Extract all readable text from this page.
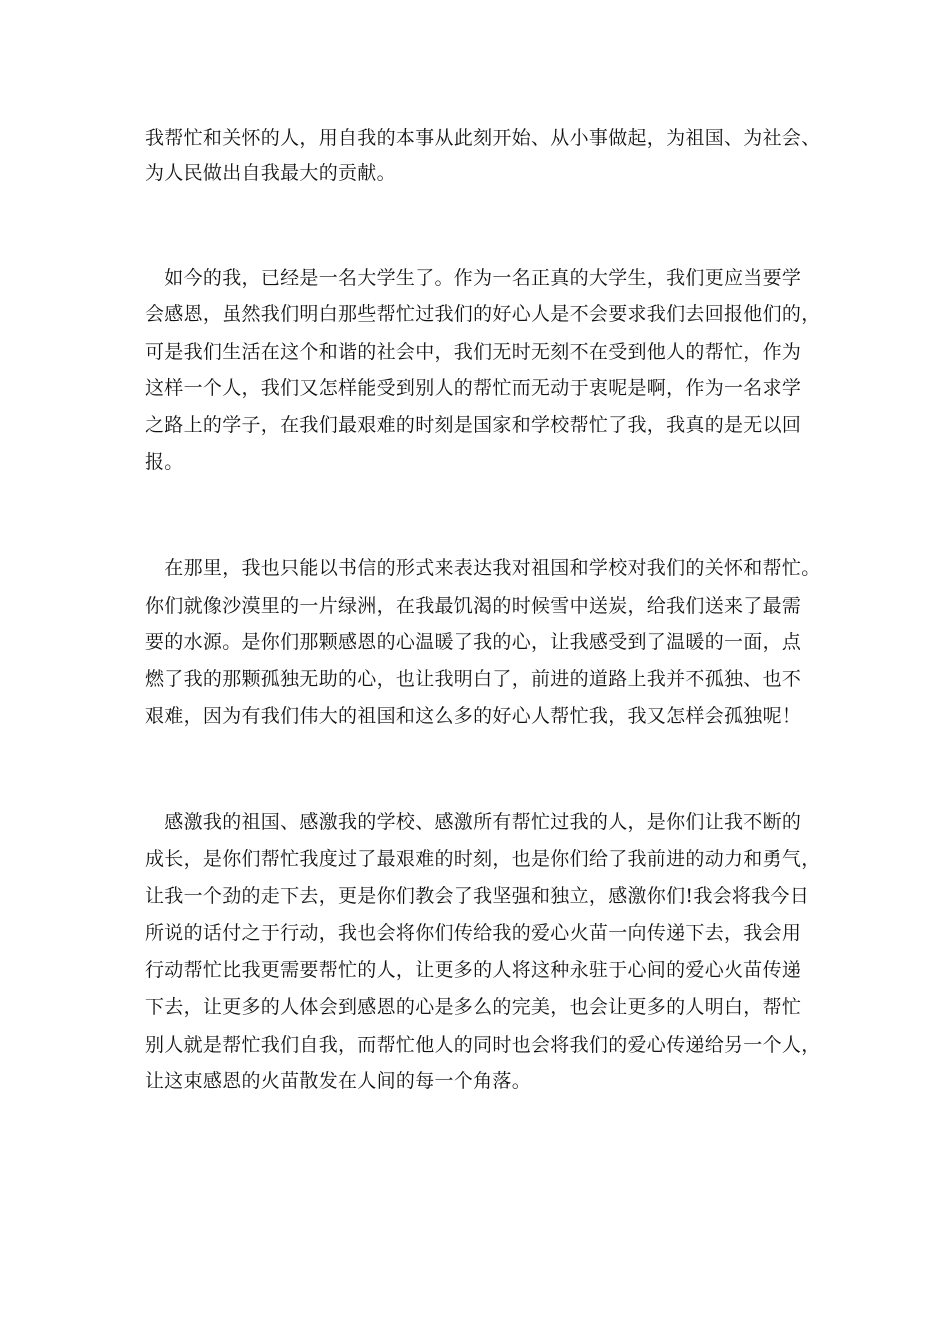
我帮忙和关怀的人，用自我的本事从此刻开始、从小事做起，为祖国、为社会、
为人民做出自我最大的贡献。
　如今的我，已经是一名大学生了。作为一名正真的大学生，我们更应当要学
会感恩，虽然我们明白那些帮忙过我们的好心人是不会要求我们去回报他们的，
可是我们生活在这个和谐的社会中，我们无时无刻不在受到他人的帮忙，作为
这样一个人，我们又怎样能受到别人的帮忙而无动于衷呢是啊，作为一名求学
之路上的学子，在我们最艰难的时刻是国家和学校帮忙了我，我真的是无以回
报。
　在那里，我也只能以书信的形式来表达我对祖国和学校对我们的关怀和帮忙。
你们就像沙漠里的一片绿洲，在我最饥渴的时候雪中送炭，给我们送来了最需
要的水源。是你们那颗感恩的心温暖了我的心，让我感受到了温暖的一面，点
燃了我的那颗孤独无助的心，也让我明白了，前进的道路上我并不孤独、也不
艰难，因为有我们伟大的祖国和这么多的好心人帮忙我，我又怎样会孤独呢！
　感激我的祖国、感激我的学校、感激所有帮忙过我的人，是你们让我不断的
成长，是你们帮忙我度过了最艰难的时刻，也是你们给了我前进的动力和勇气，
让我一个劲的走下去，更是你们教会了我坚强和独立，感激你们!我会将我今日
所说的话付之于行动，我也会将你们传给我的爱心火苗一向传递下去，我会用
行动帮忙比我更需要帮忙的人，让更多的人将这种永驻于心间的爱心火苗传递
下去，让更多的人体会到感恩的心是多么的完美，也会让更多的人明白，帮忙
别人就是帮忙我们自我，而帮忙他人的同时也会将我们的爱心传递给另一个人，
让这束感恩的火苗散发在人间的每一个角落。
